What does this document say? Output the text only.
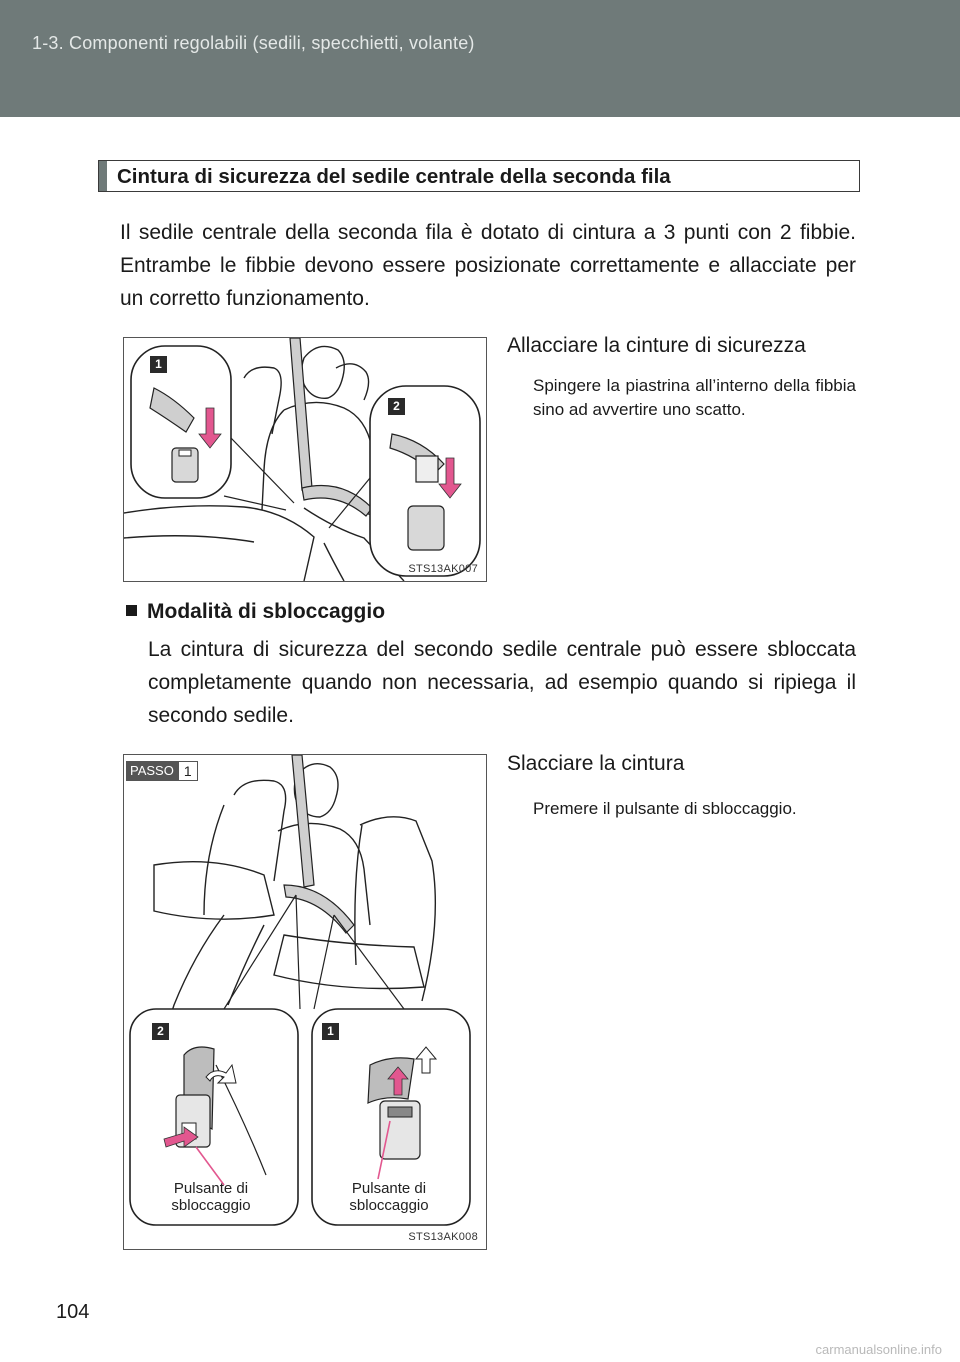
1-3. Componenti regolabili (sedili, specchietti, volante)
Cintura di sicurezza del sedile centrale della seconda fila

Il sedile centrale della seconda fila è dotato di cintura a 3 punti con 2 fibbie. Entrambe le fibbie devono essere posizionate correttamente e allacciate per un corretto funzionamento.

1
2
STS13AK007
Allacciare la cinture di sicurezza

Spingere la piastrina all’interno della fibbia sino ad avvertire uno scatto.

Modalità di sbloccaggio

La cintura di sicurezza del secondo sedile centrale può essere sbloccata completamente quando non necessaria, ad esempio quando si ripiega il secondo sedile.

PASSO 1
2	1
Pulsante di sbloccaggio
Pulsante di sbloccaggio
STS13AK008
Slacciare la cintura

Premere il pulsante di sbloccaggio.

104
carmanualsonline.info
